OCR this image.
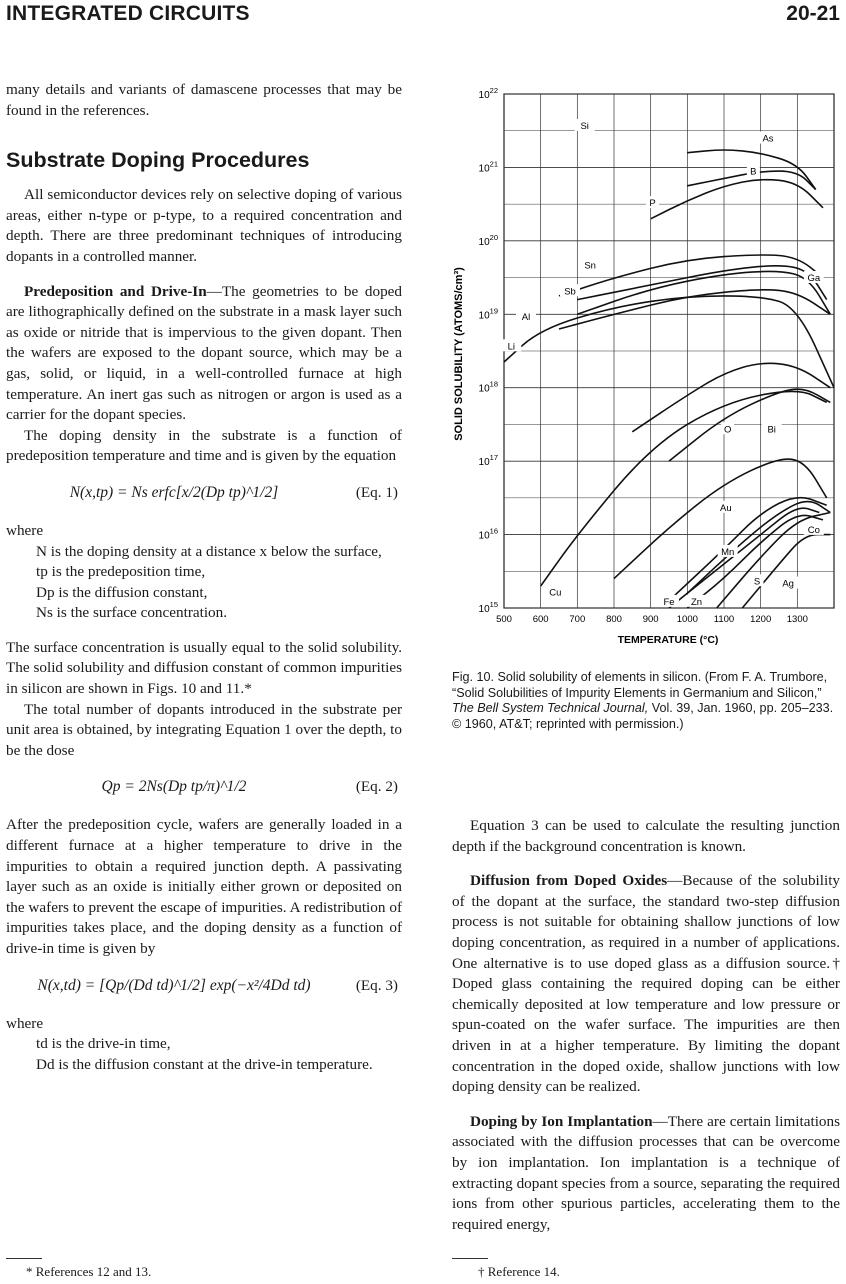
INTEGRATED CIRCUITS	20-21

many details and variants of damascene processes that may be found in the references.

Substrate Doping Procedures

All semiconductor devices rely on selective doping of various areas, either n-type or p-type, to a required concentration and depth. There are three predominant techniques of introducing dopants in a controlled manner.

Predeposition and Drive-In—The geometries to be doped are lithographically defined on the substrate in a mask layer such as oxide or nitride that is impervious to the given dopant. Then the wafers are exposed to the dopant source, which may be a gas, solid, or liquid, in a well-controlled furnace at high temperature. An inert gas such as nitrogen or argon is used as a carrier for the dopant species.

The doping density in the substrate is a function of predeposition temperature and time and is given by the equation

N(x,tp) = Ns erfc[x/2(Dp tp)^1/2]	(Eq. 1)

where

N is the doping density at a distance x below the surface,

tp is the predeposition time,

Dp is the diffusion constant,

Ns is the surface concentration.

The surface concentration is usually equal to the solid solubility. The solid solubility and diffusion constant of common impurities in silicon are shown in Figs. 10 and 11.*

The total number of dopants introduced in the substrate per unit area is obtained, by integrating Equation 1 over the depth, to be the dose

Qp = 2Ns(Dp tp/π)^1/2	(Eq. 2)

After the predeposition cycle, wafers are generally loaded in a different furnace at a higher temperature to drive in the impurities to obtain a required junction depth. A passivating layer such as an oxide is initially either grown or deposited on the wafers to prevent the escape of impurities. A redistribution of impurities takes place, and the doping density as a function of drive-in time is given by

N(x,td) = [Qp/(Dd td)^1/2] exp(−x²/4Dd td)	(Eq. 3)

where

td is the drive-in time,

Dd is the diffusion constant at the drive-in temperature.

* References 12 and 13.
Si
As
B
P
Sn
Ga
Sb
Al
Li
O	Bi
Au
Co
Mn
Cu
Fe Zn
S Ag
500 600 700 800 900 1000 1100 1200 1300
$10^{15}$
$10^{16}$
$10^{17}$
$10^{18}$
$10^{19}$
$10^{20}$
$10^{21}$
$10^{22}$
TEMPERATURE (°C)
SOLID SOLUBILITY (ATOMS/cm³)
Fig. 10. Solid solubility of elements in silicon. (From F. A. Trumbore, “Solid Solubilities of Impurity Elements in Germanium and Silicon,” The Bell System Technical Journal, Vol. 39, Jan. 1960, pp. 205–233. © 1960, AT&T; reprinted with permission.)

Equation 3 can be used to calculate the resulting junction depth if the background concentration is known.

Diffusion from Doped Oxides—Because of the solubility of the dopant at the surface, the standard two-step diffusion process is not suitable for obtaining shallow junctions of low doping concentration, as required in a number of applications. One alternative is to use doped glass as a diffusion source.† Doped glass containing the required doping can be either chemically deposited at low temperature and low pressure or spun-coated on the wafer surface. The impurities are then driven in at a higher temperature. By limiting the dopant concentration in the doped oxide, shallow junctions with low doping density can be realized.

Doping by Ion Implantation—There are certain limitations associated with the diffusion processes that can be overcome by ion implantation. Ion implantation is a technique of extracting dopant species from a source, separating the required ions from other spurious particles, accelerating them to the required energy,

† Reference 14.
